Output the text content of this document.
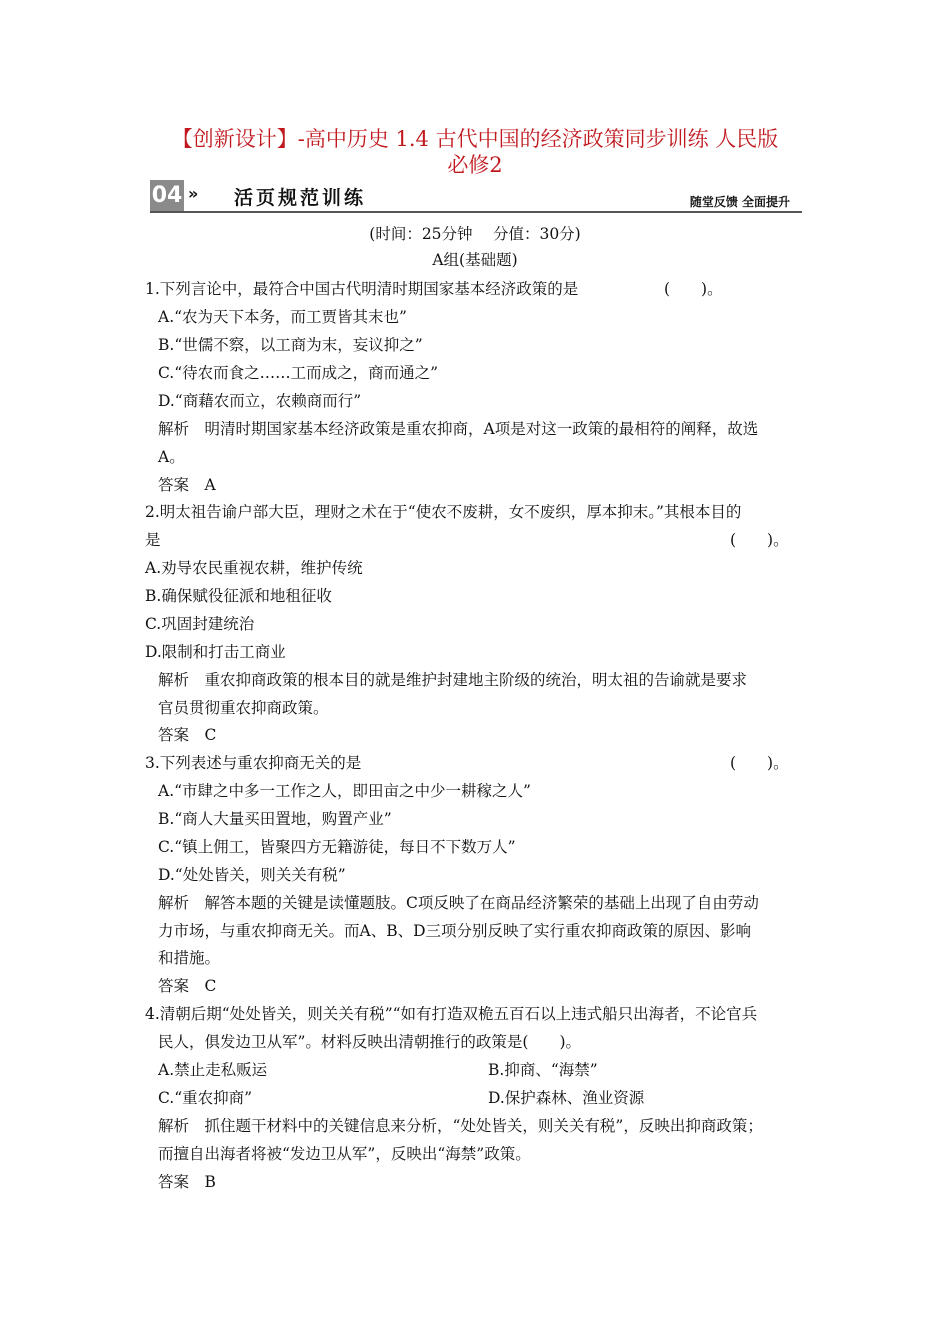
【创新设计】-高中历史 1.4 古代中国的经济政策同步训练 人民版
必修2
04 » 活页规范训练	随堂反馈 全面提升
(时间：25分钟　 分值：30分)
A组(基础题)
1.下列言论中，最符合中国古代明清时期国家基本经济政策的是	(　　)。
A.“农为天下本务，而工贾皆其末也”
B.“世儒不察，以工商为末，妄议抑之”
C.“待农而食之……工而成之，商而通之”
D.“商藉农而立，农赖商而行”
解析　明清时期国家基本经济政策是重农抑商，A项是对这一政策的最相符的阐释，故选
A。
答案　A
2.明太祖告谕户部大臣，理财之术在于“使农不废耕，女不废织，厚本抑末。”其根本目的
是	(　　)。
A.劝导农民重视农耕，维护传统
B.确保赋役征派和地租征收
C.巩固封建统治
D.限制和打击工商业
解析　重农抑商政策的根本目的就是维护封建地主阶级的统治，明太祖的告谕就是要求
官员贯彻重农抑商政策。
答案　C
3.下列表述与重农抑商无关的是	(　　)。
A.“市肆之中多一工作之人，即田亩之中少一耕稼之人”
B.“商人大量买田置地，购置产业”
C.“镇上佣工，皆聚四方无籍游徒，每日不下数万人”
D.“处处皆关，则关关有税”
解析　解答本题的关键是读懂题肢。C项反映了在商品经济繁荣的基础上出现了自由劳动
力市场，与重农抑商无关。而A、B、D三项分别反映了实行重农抑商政策的原因、影响
和措施。
答案　C
4.清朝后期“处处皆关，则关关有税”“如有打造双桅五百石以上违式船只出海者，不论官兵
民人，俱发边卫从军”。材料反映出清朝推行的政策是(　　)。
A.禁止走私贩运	B.抑商、“海禁”
C.“重农抑商”	D.保护森林、渔业资源
解析　抓住题干材料中的关键信息来分析，“处处皆关，则关关有税”，反映出抑商政策；
而擅自出海者将被“发边卫从军”，反映出“海禁”政策。
答案　B
